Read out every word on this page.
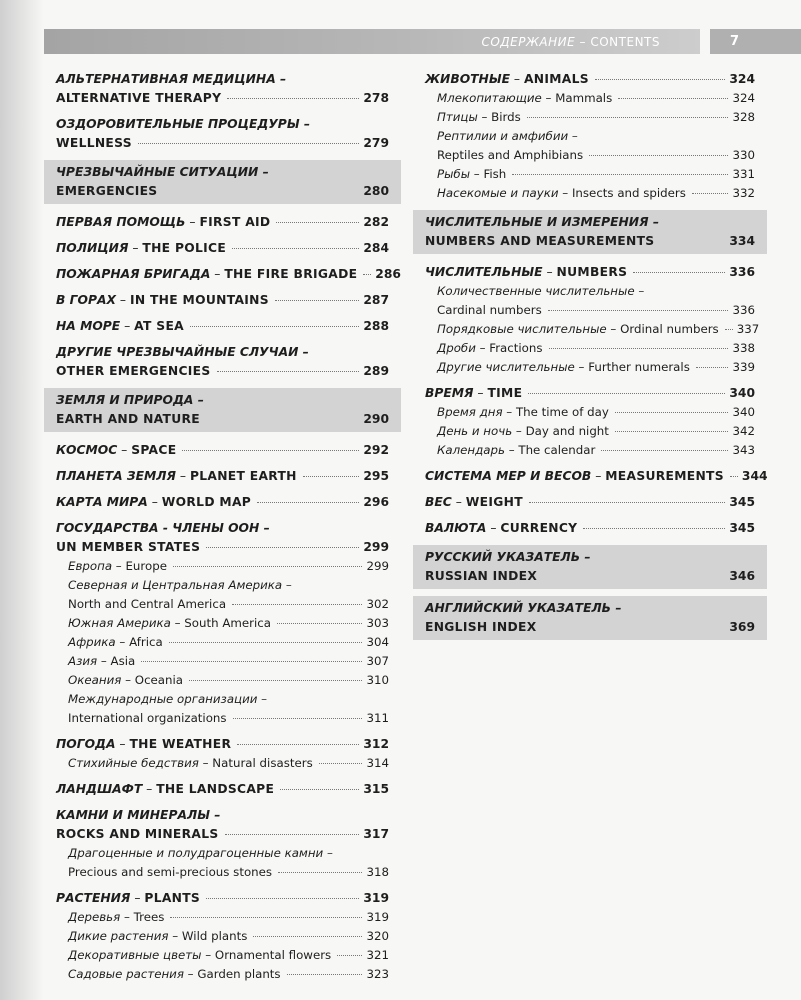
СОДЕРЖАНИЕ – CONTENTS	7
АЛЬТЕРНАТИВНАЯ МЕДИЦИНА –
ALTERNATIVE THERAPY	278
ОЗДОРОВИТЕЛЬНЫЕ ПРОЦЕДУРЫ –
WELLNESS	279
ЧРЕЗВЫЧАЙНЫЕ СИТУАЦИИ –
EMERGENCIES	280
ПЕРВАЯ ПОМОЩЬ – FIRST AID	282
ПОЛИЦИЯ – THE POLICE	284
ПОЖАРНАЯ БРИГАДА – THE FIRE BRIGADE 286
В ГОРАХ – IN THE MOUNTAINS	287
НА МОРЕ – AT SEA	288
ДРУГИЕ ЧРЕЗВЫЧАЙНЫЕ СЛУЧАИ –
OTHER EMERGENCIES	289
ЗЕМЛЯ И ПРИРОДА –
EARTH AND NATURE	290
КОСМОС – SPACE	292
ПЛАНЕТА ЗЕМЛЯ – PLANET EARTH	295
КАРТА МИРА – WORLD MAP	296
ГОСУДАРСТВА - ЧЛЕНЫ ООН –
UN MEMBER STATES	299
Европа – Europe	299
Северная и Центральная Америка –
North and Central America	302
Южная Америка – South America	303
Африка – Africa	304
Азия – Asia	307
Океания – Oceania	310
Международные организации –
International organizations	311
ПОГОДА – THE WEATHER	312
Стихийные бедствия – Natural disasters	314
ЛАНДШАФТ – THE LANDSCAPE	315
КАМНИ И МИНЕРАЛЫ –
ROCKS AND MINERALS	317
Драгоценные и полудрагоценные камни –
Precious and semi-precious stones	318
РАСТЕНИЯ – PLANTS	319
Деревья – Trees	319
Дикие растения – Wild plants	320
Декоративные цветы – Ornamental flowers	321
Садовые растения – Garden plants	323
ЖИВОТНЫЕ – ANIMALS	324
Млекопитающие – Mammals	324
Птицы – Birds	328
Рептилии и амфибии –
Reptiles and Amphibians	330
Рыбы – Fish	331
Насекомые и пауки – Insects and spiders	332
ЧИСЛИТЕЛЬНЫЕ И ИЗМЕРЕНИЯ –
NUMBERS AND MEASUREMENTS	334
ЧИСЛИТЕЛЬНЫЕ – NUMBERS	336
Количественные числительные –
Cardinal numbers	336
Порядковые числительные – Ordinal numbers 337
Дроби – Fractions	338
Другие числительные – Further numerals	339
ВРЕМЯ – TIME	340
Время дня – The time of day	340
День и ночь – Day and night	342
Календарь – The calendar	343
СИСТЕМА МЕР И ВЕСОВ – MEASUREMENTS 344
ВЕС – WEIGHT	345
ВАЛЮТА – CURRENCY	345
РУССКИЙ УКАЗАТЕЛЬ –
RUSSIAN INDEX	346
АНГЛИЙСКИЙ УКАЗАТЕЛЬ –
ENGLISH INDEX	369
